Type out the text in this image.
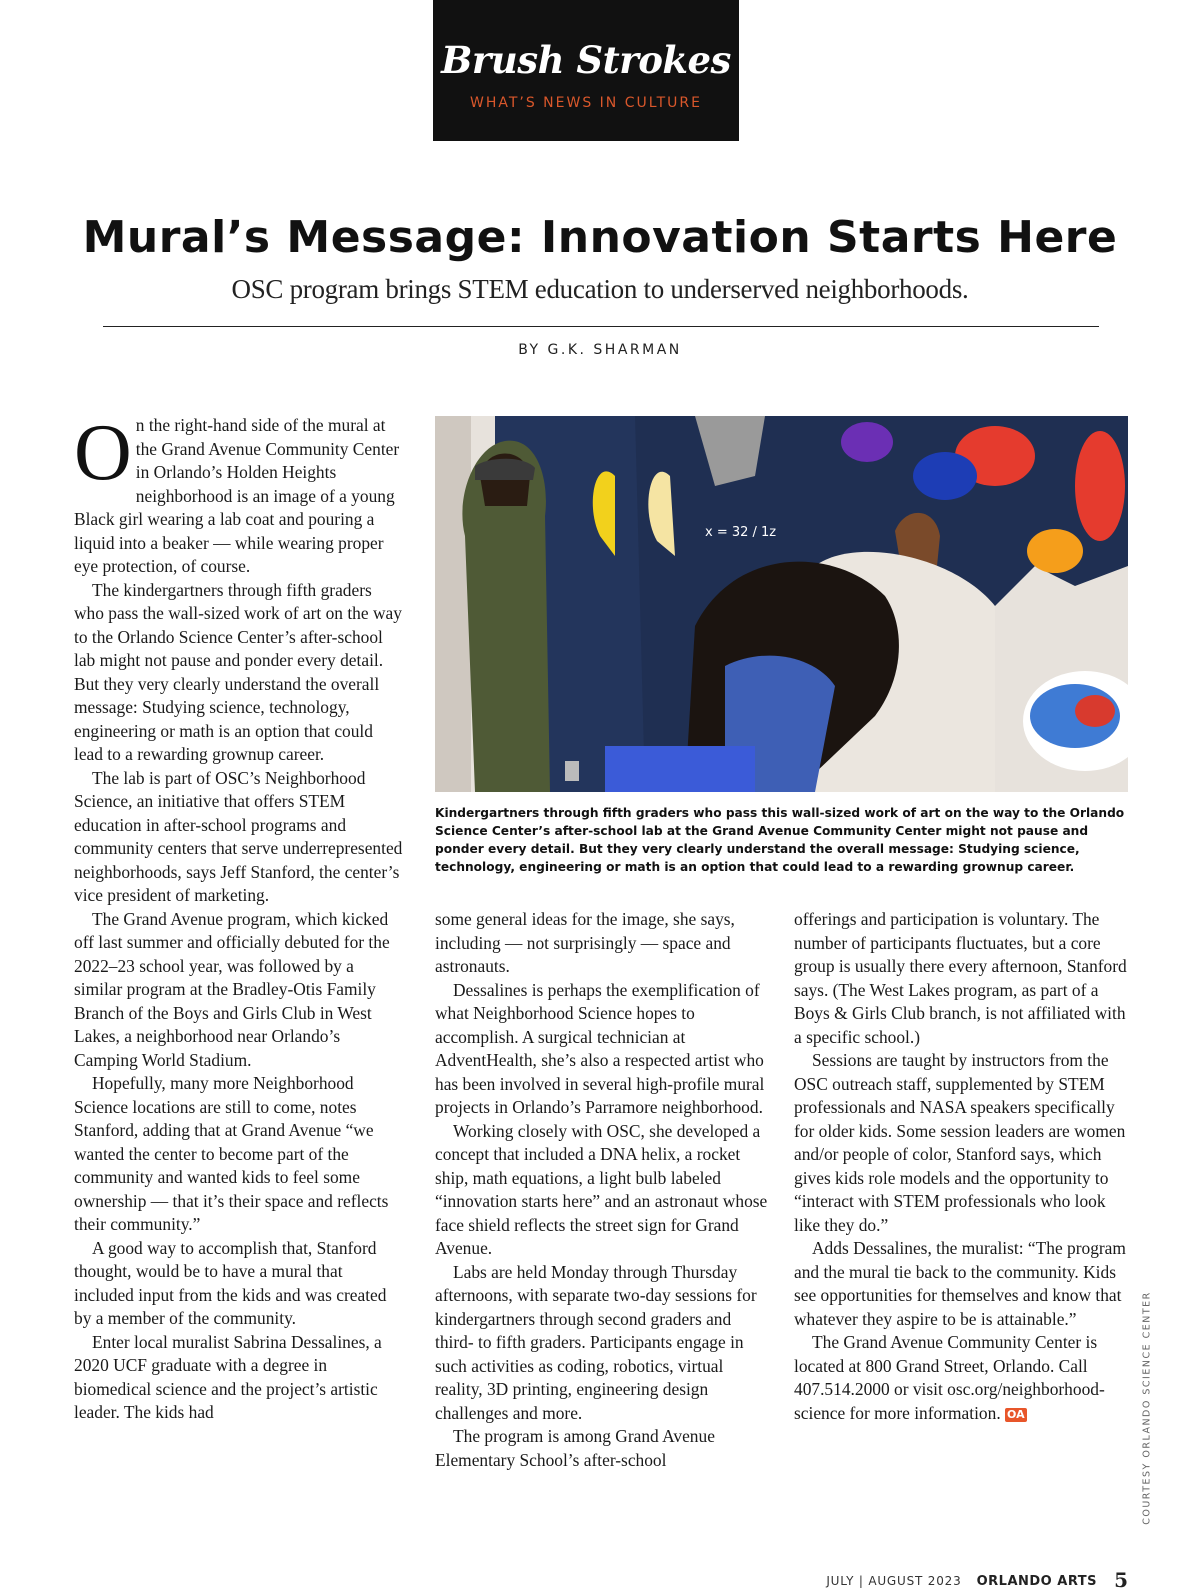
Brush Strokes
WHAT’S NEWS IN CULTURE
Mural’s Message: Innovation Starts Here
OSC program brings STEM education to underserved neighborhoods.
BY G.K. SHARMAN

On the right-hand side of the mural at the Grand Avenue Community Center in Orlando’s Holden Heights neighborhood is an image of a young Black girl wearing a lab coat and pouring a liquid into a beaker — while wearing proper eye protection, of course.

The kindergartners through fifth graders who pass the wall-sized work of art on the way to the Orlando Science Center’s after-school lab might not pause and ponder every detail. But they very clearly understand the overall message: Studying science, technology, engineering or math is an option that could lead to a rewarding grownup career.

The lab is part of OSC’s Neighborhood Science, an initiative that offers STEM education in after-school programs and community centers that serve underrepresented neighborhoods, says Jeff Stanford, the center’s vice president of marketing.

The Grand Avenue program, which kicked off last summer and officially debuted for the 2022–23 school year, was followed by a similar program at the Bradley-Otis Family Branch of the Boys and Girls Club in West Lakes, a neighborhood near Orlando’s Camping World Stadium.

Hopefully, many more Neighborhood Science locations are still to come, notes Stanford, adding that at Grand Avenue “we wanted the center to become part of the community and wanted kids to feel some ownership — that it’s their space and reflects their community.”

A good way to accomplish that, Stanford thought, would be to have a mural that included input from the kids and was created by a member of the community.

Enter local muralist Sabrina Dessalines, a 2020 UCF graduate with a degree in biomedical science and the project’s artistic leader. The kids had

x = 32 / 1z
Kindergartners through fifth graders who pass this wall-sized work of art on the way to the Orlando Science Center’s after-school lab at the Grand Avenue Community Center might not pause and ponder every detail. But they very clearly understand the overall message: Studying science, technology, engineering or math is an option that could lead to a rewarding grownup career.

some general ideas for the image, she says, including — not surprisingly — space and astronauts.

Dessalines is perhaps the exemplification of what Neighborhood Science hopes to accomplish. A surgical technician at AdventHealth, she’s also a respected artist who has been involved in several high-profile mural projects in Orlando’s Parramore neighborhood.

Working closely with OSC, she developed a concept that included a DNA helix, a rocket ship, math equations, a light bulb labeled “innovation starts here” and an astronaut whose face shield reflects the street sign for Grand Avenue.

Labs are held Monday through Thursday afternoons, with separate two-day sessions for kindergartners through second graders and third- to fifth graders. Participants engage in such activities as coding, robotics, virtual reality, 3D printing, engineering design challenges and more.

The program is among Grand Avenue Elementary School’s after-school

offerings and participation is voluntary. The number of participants fluctuates, but a core group is usually there every afternoon, Stanford says. (The West Lakes program, as part of a Boys & Girls Club branch, is not affiliated with a specific school.)

Sessions are taught by instructors from the OSC outreach staff, supplemented by STEM professionals and NASA speakers specifically for older kids. Some session leaders are women and/or people of color, Stanford says, which gives kids role models and the opportunity to “interact with STEM professionals who look like they do.”

Adds Dessalines, the muralist: “The program and the mural tie back to the community. Kids see opportunities for themselves and know that whatever they aspire to be is attainable.”

The Grand Avenue Community Center is located at 800 Grand Street, Orlando. Call 407.514.2000 or visit osc.org/neighborhood-science for more information. OA	COURTESY ORLANDO SCIENCE CENTER
JULY | AUGUST 2023 ORLANDO ARTS 5
